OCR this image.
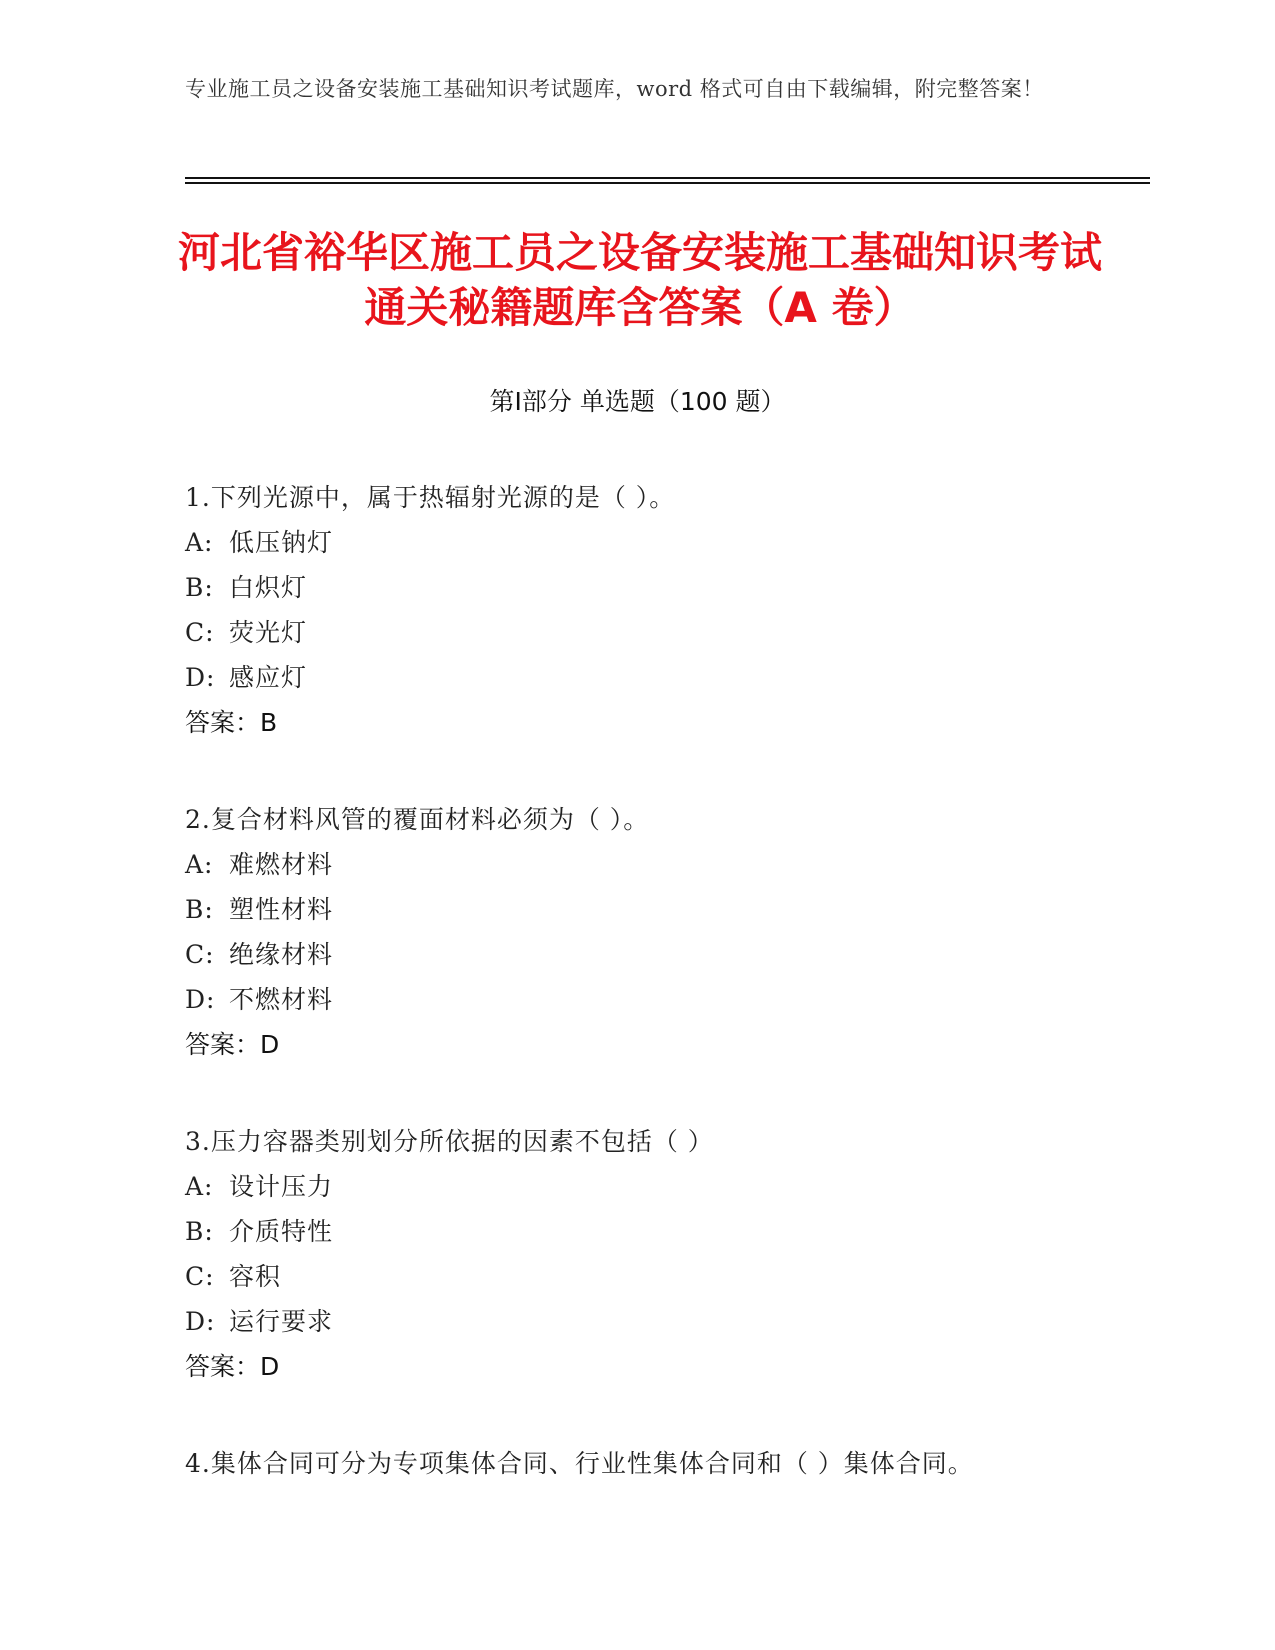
专业施工员之设备安装施工基础知识考试题库，word 格式可自由下载编辑，附完整答案！
河北省裕华区施工员之设备安装施工基础知识考试通关秘籍题库含答案（A 卷）
第Ⅰ部分 单选题（100 题）
1.下列光源中，属于热辐射光源的是（ ）。
A: 低压钠灯
B: 白炽灯
C: 荧光灯
D: 感应灯
答案：B
2.复合材料风管的覆面材料必须为（ ）。
A: 难燃材料
B: 塑性材料
C: 绝缘材料
D: 不燃材料
答案：D
3.压力容器类别划分所依据的因素不包括（ ）
A: 设计压力
B: 介质特性
C: 容积
D: 运行要求
答案：D
4.集体合同可分为专项集体合同、行业性集体合同和（ ）集体合同。
